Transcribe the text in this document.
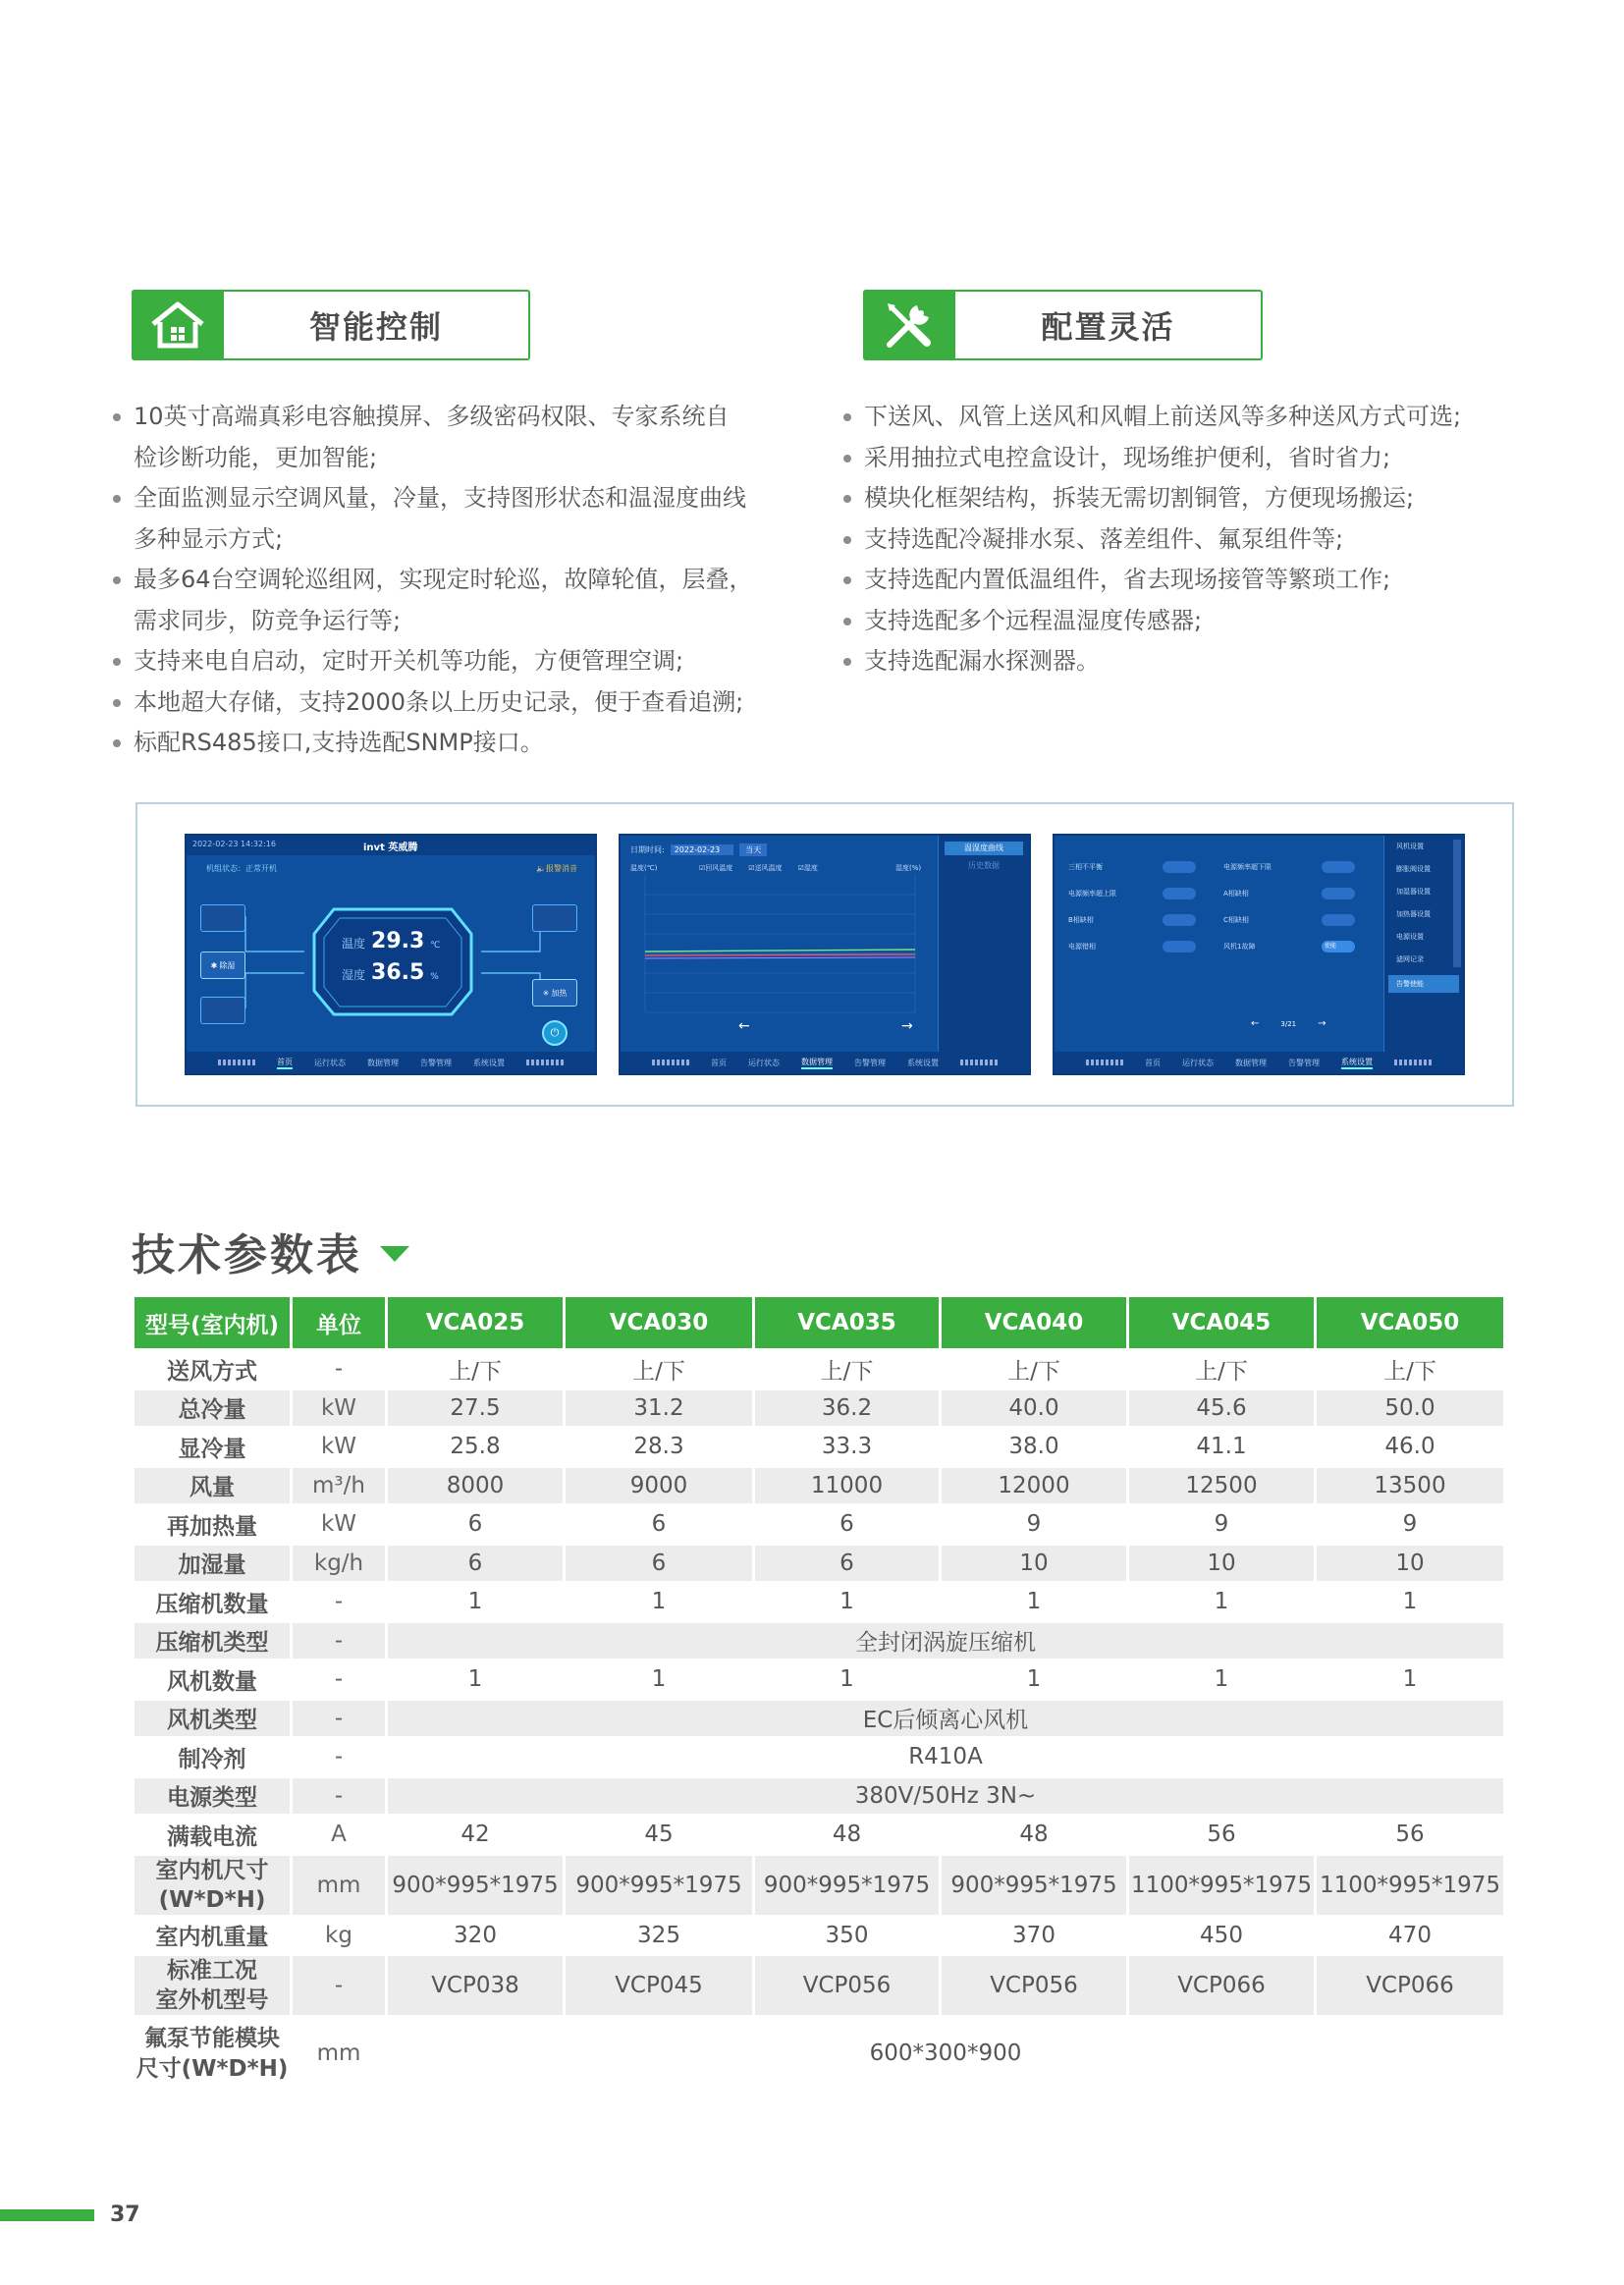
智能控制	配置灵活
10英寸高端真彩电容触摸屏、多级密码权限、专家系统自
检诊断功能，更加智能;
全面监测显示空调风量，冷量，支持图形状态和温湿度曲线
多种显示方式;
最多64台空调轮巡组网，实现定时轮巡，故障轮值，层叠，
需求同步，防竞争运行等;
支持来电自启动，定时开关机等功能，方便管理空调;
本地超大存储，支持2000条以上历史记录，便于查看追溯;
标配RS485接口,支持选配SNMP接口。
下送风、风管上送风和风帽上前送风等多种送风方式可选;
采用抽拉式电控盒设计，现场维护便利，省时省力;
模块化框架结构，拆装无需切割铜管，方便现场搬运;
支持选配冷凝排水泵、落差组件、氟泵组件等;
支持选配内置低温组件，省去现场接管等繁琐工作;
支持选配多个远程温湿度传感器;
支持选配漏水探测器。
2022-02-23 14:32:16	invt 英威腾
机组状态：正常开机	🔈报警消音
温度 29.3 ℃
湿度 36.5 %
✱ 除湿
✳ 加热
⏻
首页	运行状态	数据管理	告警管理	系统设置
日期时间:	2022-02-23	当天	温湿度曲线
历史数据
温度(℃)	湿度(%)
☑回风温度 ☑送风温度 ☑湿度
←	→
首页	运行状态	数据管理	告警管理	系统设置
三相不平衡	电源频率超下限
电源频率超上限	A相缺相
B相缺相	C相缺相
电源错相	风机1故障	使能
←	3/21 →
风机设置
膨胀阀设置
加湿器设置
加热器设置
电源设置
滤网记录
告警使能
首页	运行状态	数据管理	告警管理	系统设置
技术参数表
型号(室内机)	单位	VCA025	VCA030	VCA035	VCA040	VCA045	VCA050

送风方式	-	上/下	上/下	上/下	上/下	上/下	上/下

总冷量	kW	27.5	31.2	36.2	40.0	45.6	50.0

显冷量	kW	25.8	28.3	33.3	38.0	41.1	46.0

风量	m³/h	8000	9000	11000	12000	12500	13500

再加热量	kW	6	6	6	9	9	9

加湿量	kg/h	6	6	6	10	10	10

压缩机数量	-	1	1	1	1	1	1

压缩机类型	-	全封闭涡旋压缩机					

风机数量	-	1	1	1	1	1	1

风机类型	-	EC后倾离心风机					

制冷剂	-	R410A					

电源类型	-	380V/50Hz 3N~					

满载电流	A	42	45	48	48	56	56

室内机尺寸
(W*D*H)	mm	900*995*1975	900*995*1975	900*995*1975	900*995*1975	1100*995*1975	1100*995*1975

室内机重量	kg	320	325	350	370	450	470

标准工况
室外机型号	-	VCP038	VCP045	VCP056	VCP056	VCP066	VCP066

氟泵节能模块
尺寸(W*D*H)	mm	600*300*900					
37
